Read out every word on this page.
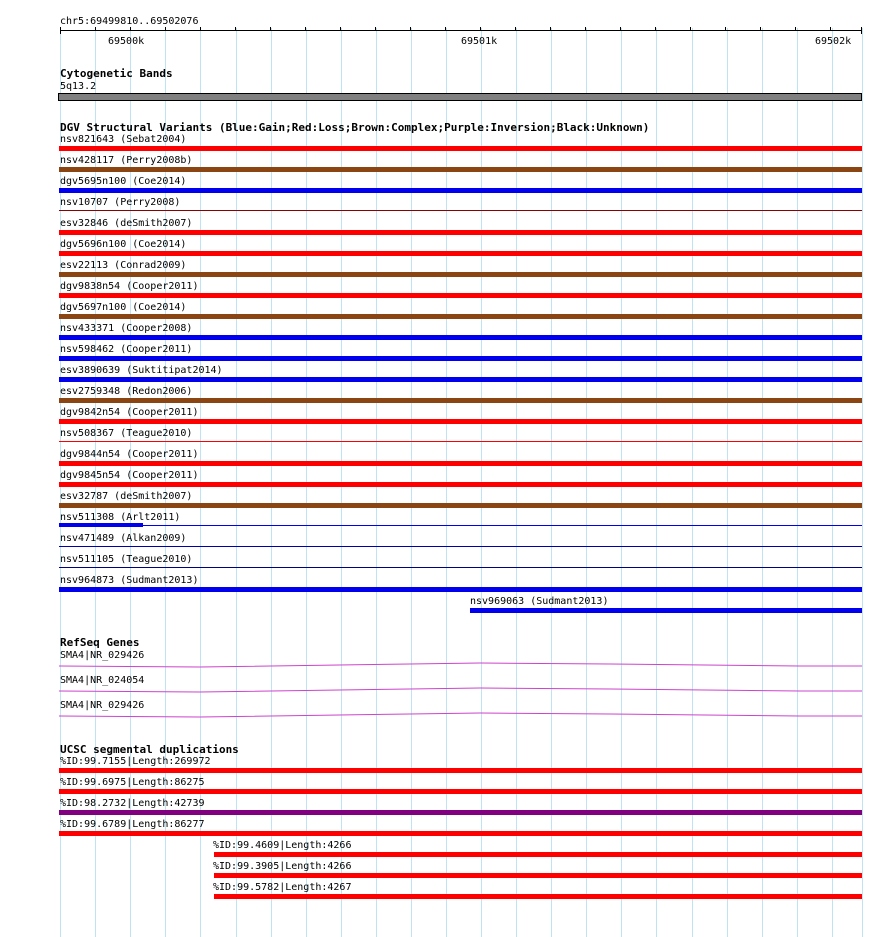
chr5:69499810..69502076
69500k	69501k	69502k
Cytogenetic Bands
5q13.2
DGV Structural Variants (Blue:Gain;Red:Loss;Brown:Complex;Purple:Inversion;Black:Unknown)
nsv821643 (Sebat2004)
nsv428117 (Perry2008b)
dgv5695n100 (Coe2014)
nsv10707 (Perry2008)
esv32846 (deSmith2007)
dgv5696n100 (Coe2014)
esv22113 (Conrad2009)
dgv9838n54 (Cooper2011)
dgv5697n100 (Coe2014)
nsv433371 (Cooper2008)
nsv598462 (Cooper2011)
esv3890639 (Suktitipat2014)
esv2759348 (Redon2006)
dgv9842n54 (Cooper2011)
nsv508367 (Teague2010)
dgv9844n54 (Cooper2011)
dgv9845n54 (Cooper2011)
esv32787 (deSmith2007)
nsv511308 (Arlt2011)
nsv471489 (Alkan2009)
nsv511105 (Teague2010)
nsv964873 (Sudmant2013)
nsv969063 (Sudmant2013)
RefSeq Genes
SMA4|NR_029426
SMA4|NR_024054
SMA4|NR_029426
UCSC segmental duplications
%ID:99.7155|Length:269972
%ID:99.6975|Length:86275
%ID:98.2732|Length:42739
%ID:99.6789|Length:86277
%ID:99.4609|Length:4266
%ID:99.3905|Length:4266
%ID:99.5782|Length:4267
